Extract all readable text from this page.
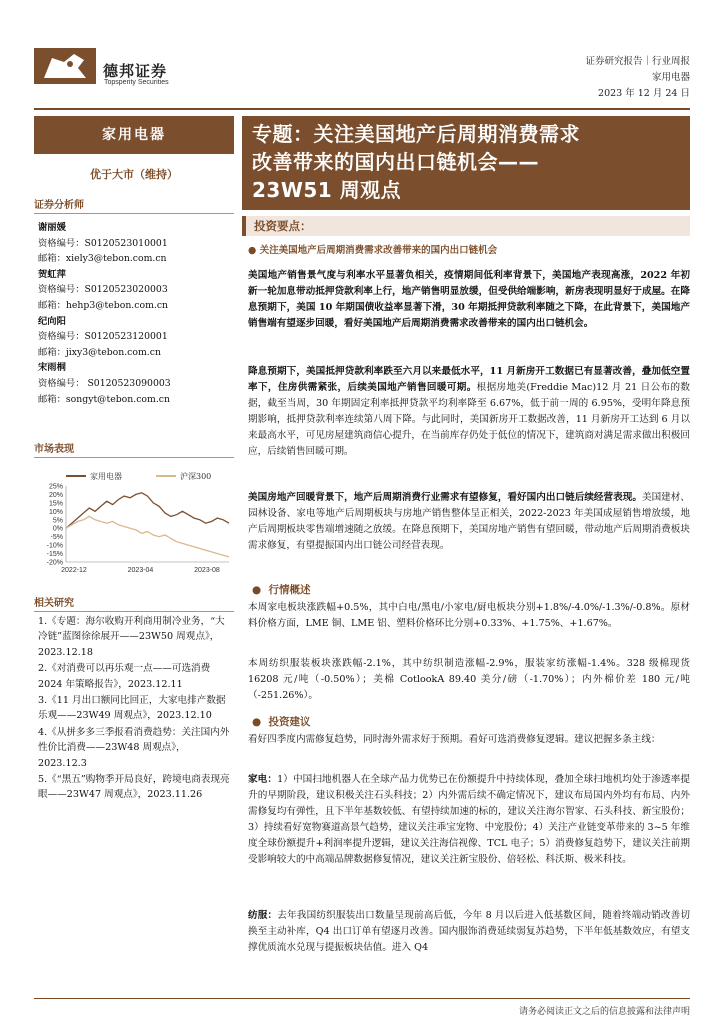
德邦证券
Topsperity Securities
证券研究报告｜行业周报
家用电器
2023 年 12 月 24 日
家用电器
优于大市（维持）
证券分析师
谢丽媛
资格编号：S0120523010001
邮箱：xiely3@tebon.com.cn
贺虹萍
资格编号：S0120523020003
邮箱：hehp3@tebon.com.cn
纪向阳
资格编号：S0120523120001
邮箱：jixy3@tebon.com.cn
宋雨桐
资格编号： S0120523090003
邮箱：songyt@tebon.com.cn
市场表现
家用电器	沪深300
25%
20%
15%
10%
5%
0%
-5%
-10%
-15%
-20%
2022-12	2023-04	2023-08
相关研究
1.《专题：海尔收购开利商用制冷业务，“大冷链”蓝图徐徐展开——23W50 周观点》，2023.12.18
2.《对消费可以再乐观一点——可选消费 2024 年策略报告》，2023.12.11
3.《11 月出口额同比回正，大家电排产数据乐观——23W49 周观点》，2023.12.10
4.《从拼多多三季报看消费趋势：关注国内外性价比消费——23W48 周观点》，2023.12.3
5.《“黑五”购物季开局良好，跨境电商表现亮眼——23W47 周观点》，2023.11.26
专题：关注美国地产后周期消费需求
改善带来的国内出口链机会——
23W51 周观点
投资要点：
● 关注美国地产后周期消费需求改善带来的国内出口链机会
美国地产销售景气度与利率水平显著负相关，疫情期间低利率背景下，美国地产表现高涨，2022 年初新一轮加息带动抵押贷款利率上行，地产销售明显放缓，但受供给端影响，新房表现明显好于成屋。在降息预期下，美国 10 年期国债收益率显著下滑，30 年期抵押贷款利率随之下降，在此背景下，美国地产销售端有望逐步回暖，看好美国地产后周期消费需求改善带来的国内出口链机会。
降息预期下，美国抵押贷款利率跌至六月以来最低水平，11 月新房开工数据已有显著改善，叠加低空置率下，住房供需紧张，后续美国地产销售回暖可期。根据房地美(Freddie Mac)12 月 21 日公布的数据，截至当周，30 年期固定利率抵押贷款平均利率降至 6.67%，低于前一周的 6.95%，受明年降息预期影响，抵押贷款利率连续第八周下降。与此同时，美国新房开工数据改善，11 月新房开工达到 6 月以来最高水平，可见房屋建筑商信心提升，在当前库存仍处于低位的情况下，建筑商对满足需求做出积极回应，后续销售回暖可期。
美国房地产回暖背景下，地产后周期消费行业需求有望修复，看好国内出口链后续经营表现。美国建材、园林设备、家电等地产后周期板块与房地产销售整体呈正相关，2022-2023 年美国成屋销售增放缓，地产后周期板块零售端增速随之放缓。在降息预期下，美国房地产销售有望回暖，带动地产后周期消费板块需求修复，有望提振国内出口链公司经营表现。
●  行情概述
本周家电板块涨跌幅+0.5%，其中白电/黑电/小家电/厨电板块分别+1.8%/-4.0%/-1.3%/-0.8%。原材料价格方面，LME 铜、LME 铝、塑料价格环比分别+0.33%、+1.75%、+1.67%。
本周纺织服装板块涨跌幅-2.1%，其中纺织制造涨幅-2.9%，服装家纺涨幅-1.4%。328 级棉现货 16208 元/吨（-0.50%）；美棉 CotlookA 89.40 美分/磅（-1.70%）；内外棉价差 180 元/吨（-251.26%）。
●  投资建议
看好四季度内需修复趋势，同时海外需求好于预期。看好可选消费修复逻辑。建议把握多条主线：
家电：1）中国扫地机器人在全球产品力优势已在份额提升中持续体现，叠加全球扫地机均处于渗透率提升的早期阶段，建议积极关注石头科技；2）内外需后续不确定情况下，建议布局国内外均有布局、内外需修复均有弹性，且下半年基数较低、有望持续加速的标的，建议关注海尔智家、石头科技、新宝股份；3）持续看好宽物赛道高景气趋势，建议关注乖宝宠物、中宠股份；4）关注产业链变革带来的 3~5 年维度全球份额提升+利润率提升逻辑，建议关注海信视像、TCL 电子；5）消费修复趋势下，建议关注前期受影响较大的中高端品牌数据修复情况，建议关注新宝股份、倍轻松、科沃斯、极米科技。
纺服：去年我国纺织服装出口数量呈现前高后低，今年 8 月以后进入低基数区间，随着终端动销改善切换至主动补库，Q4 出口订单有望逐月改善。国内服饰消费延续弱复苏趋势，下半年低基数效应，有望支撑优质流水兑现与提振板块估值。进入 Q4
请务必阅读正文之后的信息披露和法律声明
